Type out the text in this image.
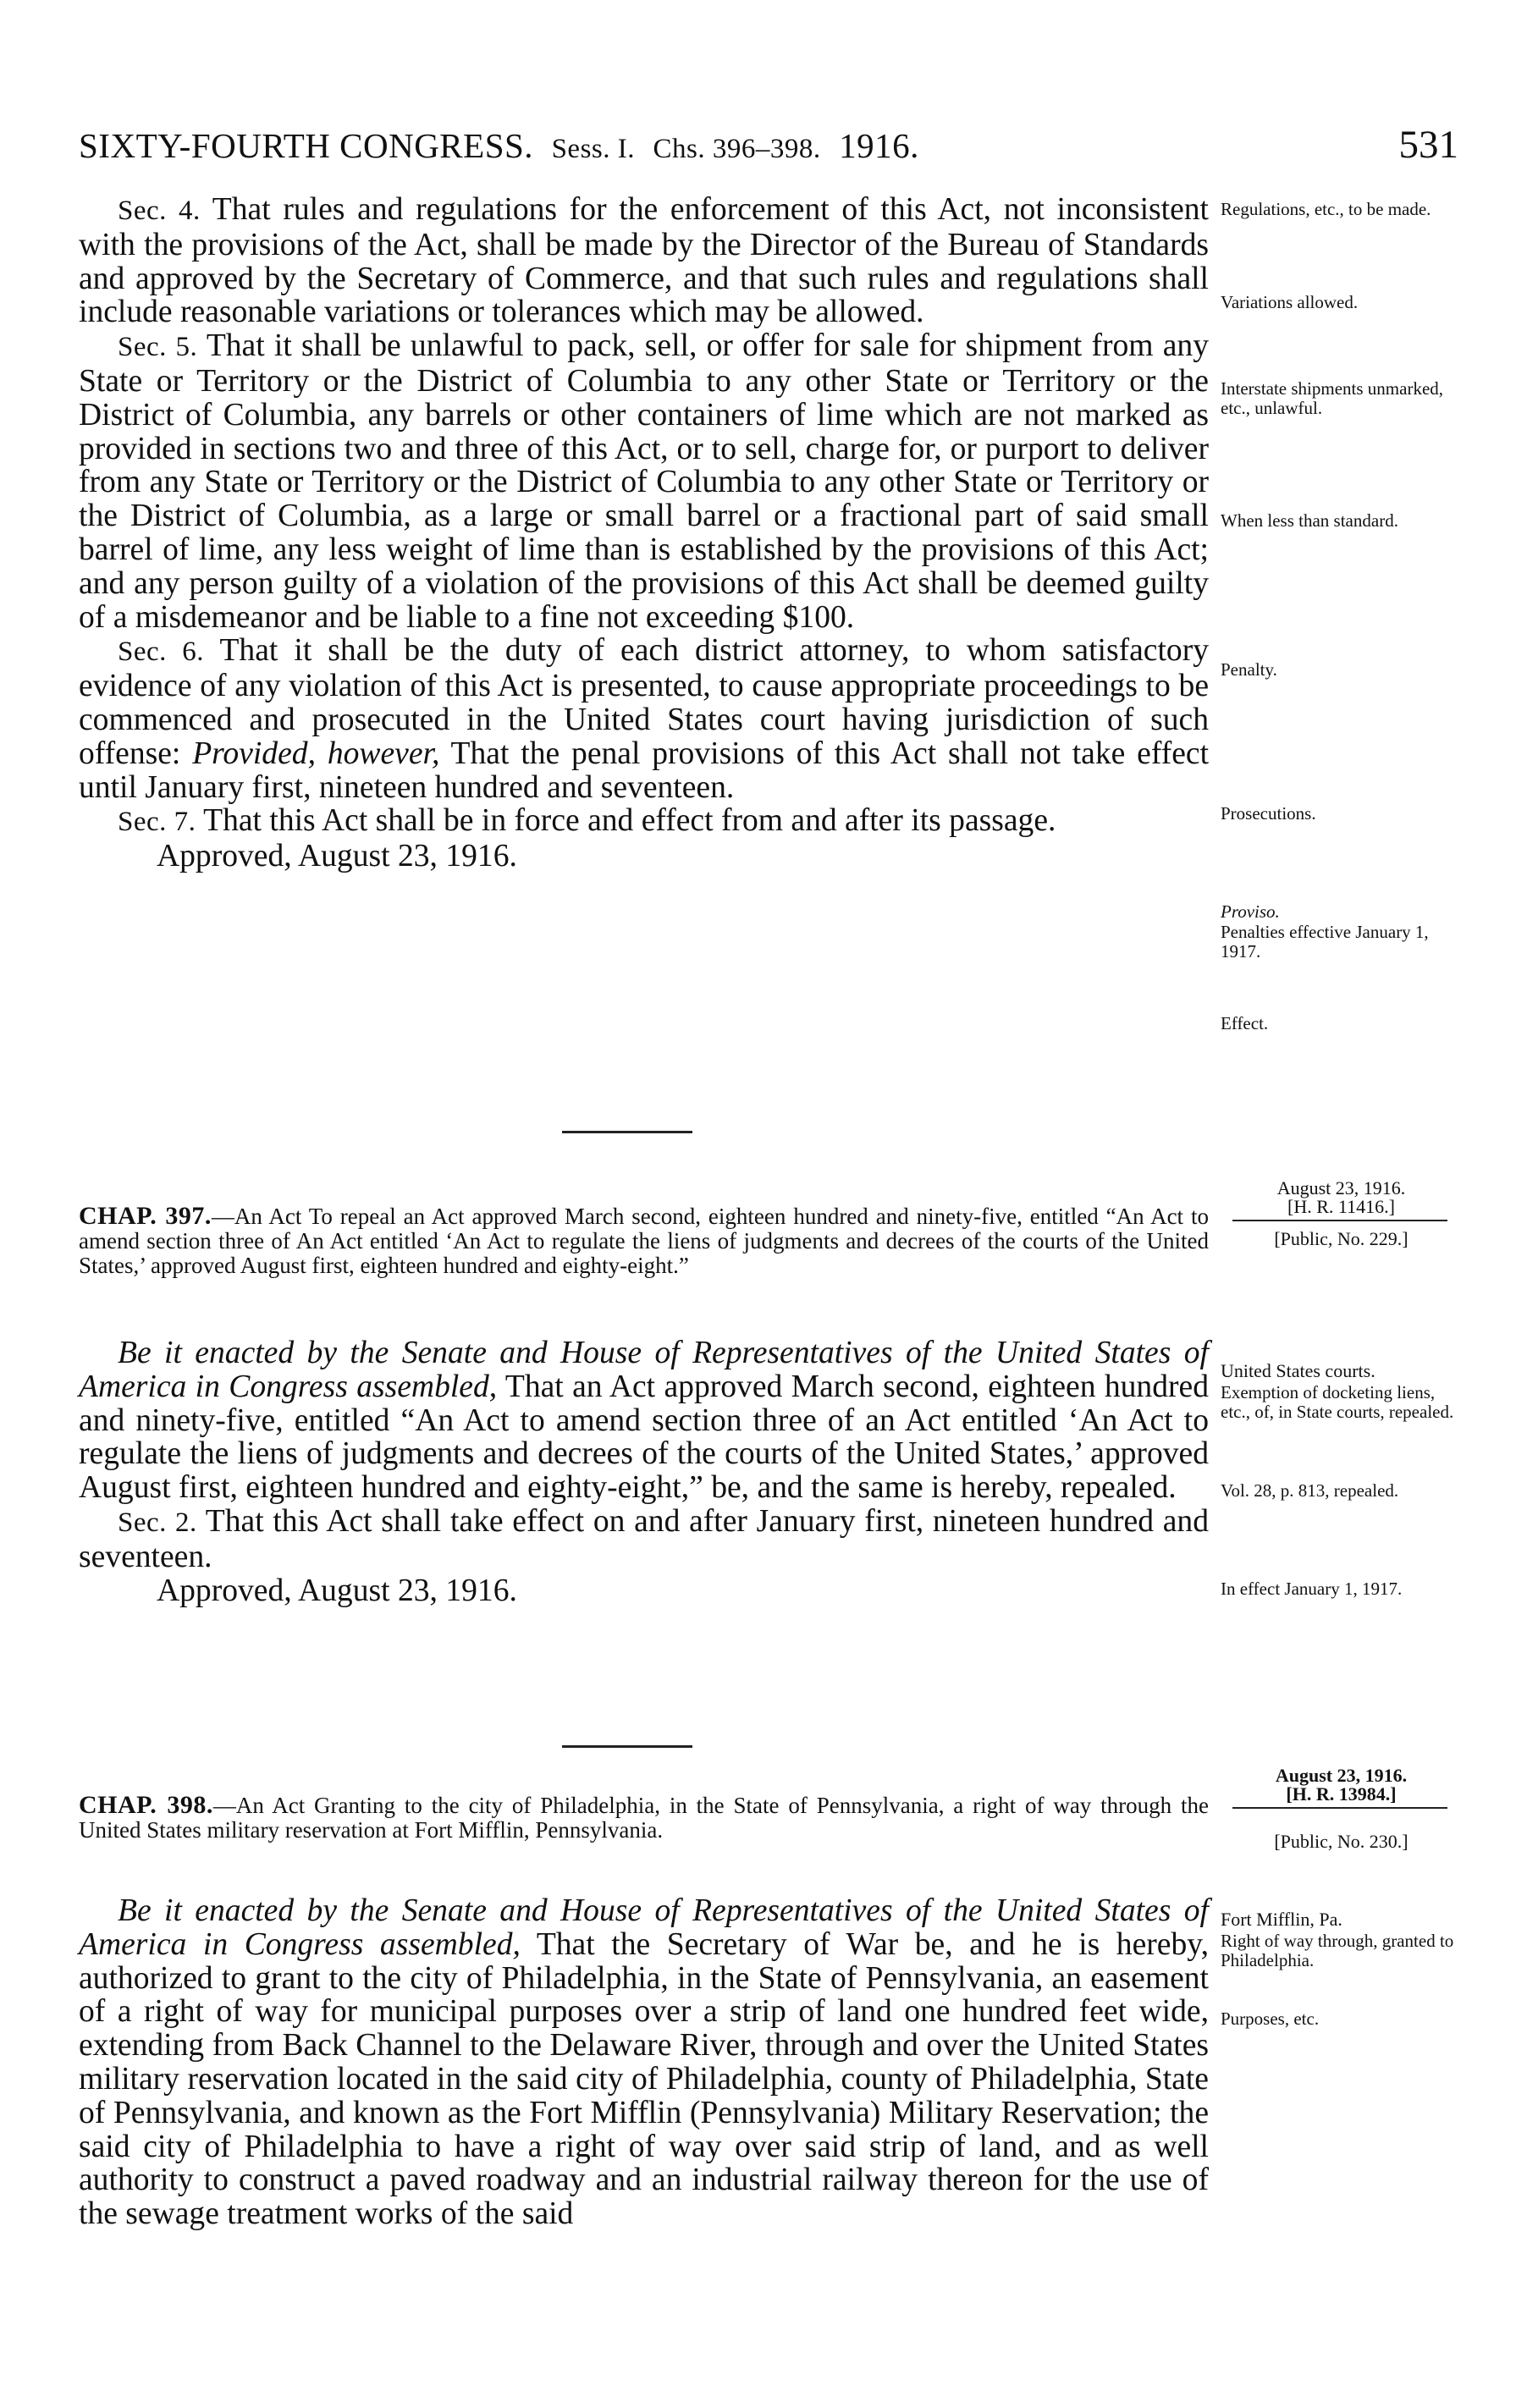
SIXTY-FOURTH CONGRESS. Sess. I. Chs. 396–398. 1916.	531

Sec. 4. That rules and regulations for the enforcement of this Act, not inconsistent with the provisions of the Act, shall be made by the Director of the Bureau of Standards and approved by the Secretary of Commerce, and that such rules and regulations shall include reasonable variations or tolerances which may be allowed.

Sec. 5. That it shall be unlawful to pack, sell, or offer for sale for shipment from any State or Territory or the District of Columbia to any other State or Territory or the District of Columbia, any barrels or other containers of lime which are not marked as provided in sections two and three of this Act, or to sell, charge for, or purport to deliver from any State or Territory or the District of Columbia to any other State or Territory or the District of Columbia, as a large or small barrel or a fractional part of said small barrel of lime, any less weight of lime than is established by the provisions of this Act; and any person guilty of a violation of the provisions of this Act shall be deemed guilty of a misdemeanor and be liable to a fine not exceeding $100.

Sec. 6. That it shall be the duty of each district attorney, to whom satisfactory evidence of any violation of this Act is presented, to cause appropriate proceedings to be commenced and prosecuted in the United States court having jurisdiction of such offense: Provided, however, That the penal provisions of this Act shall not take effect until January first, nineteen hundred and seventeen.

Sec. 7. That this Act shall be in force and effect from and after its passage.

Approved, August 23, 1916.

Regulations, etc., to be made.
Variations allowed.
Interstate shipments unmarked, etc., unlawful.
When less than standard.
Penalty.
Prosecutions.
Proviso.
Penalties effective January 1, 1917.
Effect.
August 23, 1916.
[H. R. 11416.]
[Public, No. 229.]
CHAP. 397.—An Act To repeal an Act approved March second, eighteen hundred and ninety-five, entitled “An Act to amend section three of An Act entitled ‘An Act to regulate the liens of judgments and decrees of the courts of the United States,’ approved August first, eighteen hundred and eighty-eight.”

Be it enacted by the Senate and House of Representatives of the United States of America in Congress assembled, That an Act approved March second, eighteen hundred and ninety-five, entitled “An Act to amend section three of an Act entitled ‘An Act to regulate the liens of judgments and decrees of the courts of the United States,’ approved August first, eighteen hundred and eighty-eight,” be, and the same is hereby, repealed.

Sec. 2. That this Act shall take effect on and after January first, nineteen hundred and seventeen.

Approved, August 23, 1916.

United States courts.
Exemption of docketing liens, etc., of, in State courts, repealed.
Vol. 28, p. 813, repealed.
In effect January 1, 1917.
August 23, 1916.
[H. R. 13984.]
[Public, No. 230.]
CHAP. 398.—An Act Granting to the city of Philadelphia, in the State of Pennsylvania, a right of way through the United States military reservation at Fort Mifflin, Pennsylvania.

Be it enacted by the Senate and House of Representatives of the United States of America in Congress assembled, That the Secretary of War be, and he is hereby, authorized to grant to the city of Philadelphia, in the State of Pennsylvania, an easement of a right of way for municipal purposes over a strip of land one hundred feet wide, extending from Back Channel to the Delaware River, through and over the United States military reservation located in the said city of Philadelphia, county of Philadelphia, State of Pennsylvania, and known as the Fort Mifflin (Pennsylvania) Military Reservation; the said city of Philadelphia to have a right of way over said strip of land, and as well authority to construct a paved roadway and an industrial railway thereon for the use of the sewage treatment works of the said

Fort Mifflin, Pa.
Right of way through, granted to Philadelphia.
Purposes, etc.
